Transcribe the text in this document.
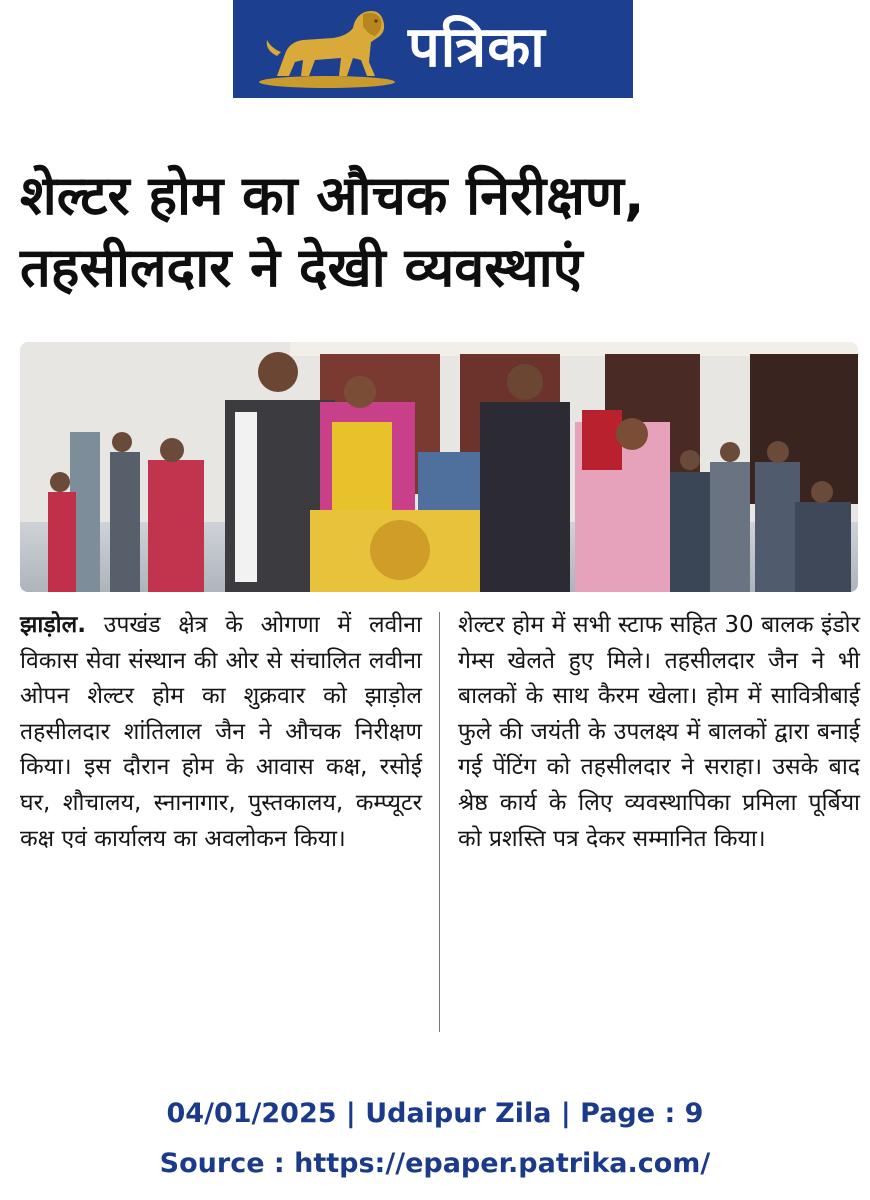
पत्रिका
शेल्टर होम का औचक निरीक्षण,
तहसीलदार ने देखी व्यवस्थाएं

झाड़ोल. उपखंड क्षेत्र के ओगणा में लवीना विकास सेवा संस्थान की ओर से संचालित लवीना ओपन शेल्टर होम का शुक्रवार को झाड़ोल तहसीलदार शांतिलाल जैन ने औचक निरीक्षण किया। इस दौरान होम के आवास कक्ष, रसोई घर, शौचालय, स्नानागार, पुस्तकालय, कम्प्यूटर कक्ष एवं कार्यालय का अवलोकन किया।

शेल्टर होम में सभी स्टाफ सहित 30 बालक इंडोर गेम्स खेलते हुए मिले। तहसीलदार जैन ने भी बालकों के साथ कैरम खेला। होम में सावित्रीबाई फुले की जयंती के उपलक्ष्य में बालकों द्वारा बनाई गई पेंटिंग को तहसीलदार ने सराहा। उसके बाद श्रेष्ठ कार्य के लिए व्यवस्थापिका प्रमिला पूर्बिया को प्रशस्ति पत्र देकर सम्मानित किया।

04/01/2025 | Udaipur Zila | Page : 9
Source : https://epaper.patrika.com/
